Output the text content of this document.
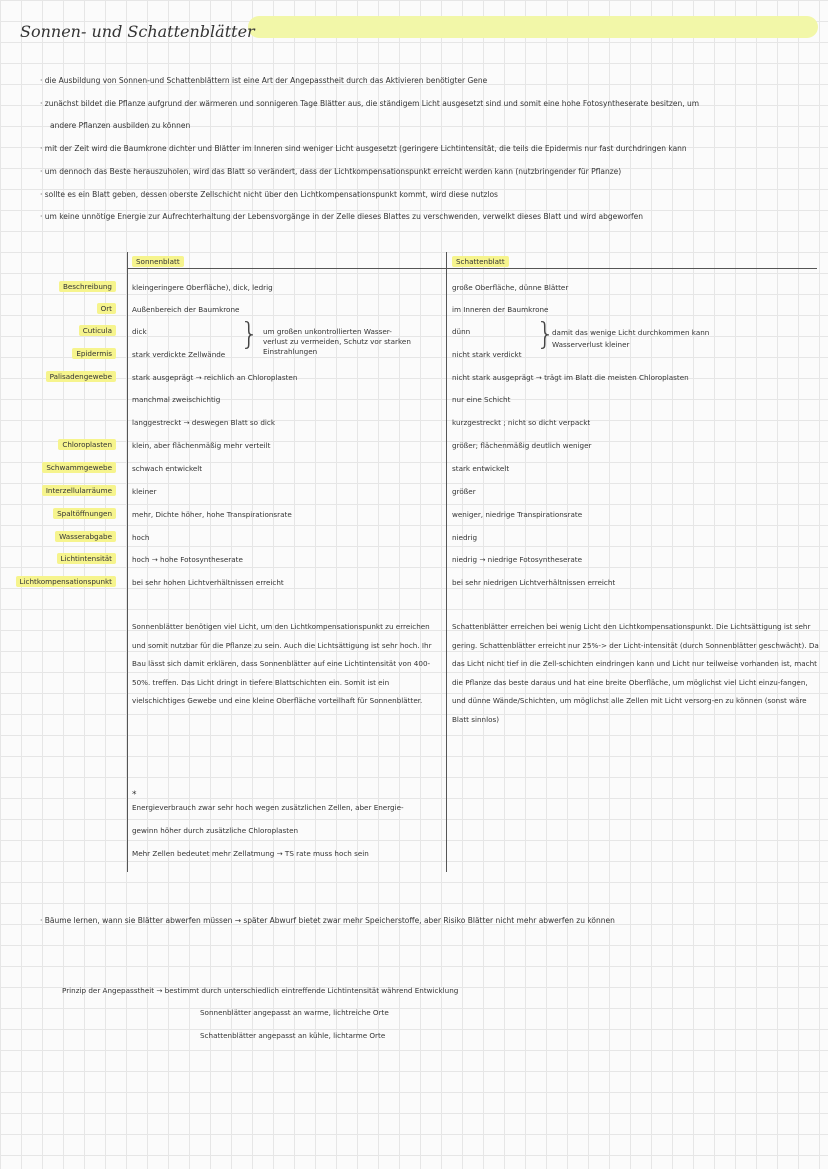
Sonnen- und Schattenblätter
· die Ausbildung von Sonnen-und Schattenblättern ist eine Art der Angepasstheit durch das Aktivieren benötigter Gene
· zunächst bildet die Pflanze aufgrund der wärmeren und sonnigeren Tage Blätter aus, die ständigem Licht ausgesetzt sind und somit eine hohe Fotosyntheserate besitzen, um
andere Pflanzen ausbilden zu können
· mit der Zeit wird die Baumkrone dichter und Blätter im Inneren sind weniger Licht ausgesetzt (geringere Lichtintensität, die teils die Epidermis nur fast durchdringen kann
· um dennoch das Beste herauszuholen, wird das Blatt so verändert, dass der Lichtkompensationspunkt erreicht werden kann (nutzbringender für Pflanze)
· sollte es ein Blatt geben, dessen oberste Zellschicht nicht über den Lichtkompensationspunkt kommt, wird diese nutzlos
· um keine unnötige Energie zur Aufrechterhaltung der Lebensvorgänge in der Zelle dieses Blattes zu verschwenden, verwelkt dieses Blatt und wird abgeworfen
Sonnenblatt	Schattenblatt
Beschreibung
Ort
Cuticula
Epidermis
Palisadengewebe
Chloroplasten
Schwammgewebe
Interzellularräume
Spaltöffnungen
Wasserabgabe
Lichtintensität
Lichtkompensationspunkt
kleingeringere Oberfläche), dick, ledrig
Außenbereich der Baumkrone
dick
stark verdickte Zellwände
} um großen unkontrollierten Wasser-
verlust zu vermeiden, Schutz vor starken
Einstrahlungen
stark ausgeprägt → reichlich an Chloroplasten
manchmal zweischichtig
langgestreckt → deswegen Blatt so dick
klein, aber flächenmäßig mehr verteilt
schwach entwickelt
kleiner
mehr, Dichte höher, hohe Transpirationsrate
hoch
hoch → hohe Fotosyntheserate
bei sehr hohen Lichtverhältnissen erreicht
große Oberfläche, dünne Blätter
im Inneren der Baumkrone
dünn
nicht stark verdickt
}
damit das wenige Licht durchkommen kann
Wasserverlust kleiner
nicht stark ausgeprägt → trägt im Blatt die meisten Chloroplasten
nur eine Schicht
kurzgestreckt ; nicht so dicht verpackt
größer; flächenmäßig deutlich weniger
stark entwickelt
größer
weniger, niedrige Transpirationsrate
niedrig
niedrig → niedrige Fotosyntheserate
bei sehr niedrigen Lichtverhältnissen erreicht
Sonnenblätter benötigen viel Licht, um den Lichtkompensationspunkt zu erreichen und somit nutzbar für die Pflanze zu sein. Auch die Lichtsättigung ist sehr hoch. Ihr Bau lässt sich damit erklären, dass Sonnenblätter auf eine Lichtintensität von 400-50%. treffen. Das Licht dringt in tiefere Blattschichten ein. Somit ist ein vielschichtiges Gewebe und eine kleine Oberfläche vorteilhaft für Sonnenblätter.
Schattenblätter erreichen bei wenig Licht den Lichtkompensationspunkt. Die Lichtsättigung ist sehr gering. Schattenblätter erreicht nur 25%-> der Licht-intensität (durch Sonnenblätter geschwächt). Da das Licht nicht tief in die Zell-schichten eindringen kann und Licht nur teilweise vorhanden ist, macht die Pflanze das beste daraus und hat eine breite Oberfläche, um möglichst viel Licht einzu-fangen, und dünne Wände/Schichten, um möglichst alle Zellen mit Licht versorg-en zu können (sonst wäre Blatt sinnlos)
*
Energieverbrauch zwar sehr hoch wegen zusätzlichen Zellen, aber Energie-
gewinn höher durch zusätzliche Chloroplasten
Mehr Zellen bedeutet mehr Zellatmung → TS rate muss hoch sein
· Bäume lernen, wann sie Blätter abwerfen müssen → später Abwurf bietet zwar mehr Speicherstoffe, aber Risiko Blätter nicht mehr abwerfen zu können
Prinzip der Angepasstheit → bestimmt durch unterschiedlich eintreffende Lichtintensität während Entwicklung
Sonnenblätter angepasst an warme, lichtreiche Orte
Schattenblätter angepasst an kühle, lichtarme Orte
